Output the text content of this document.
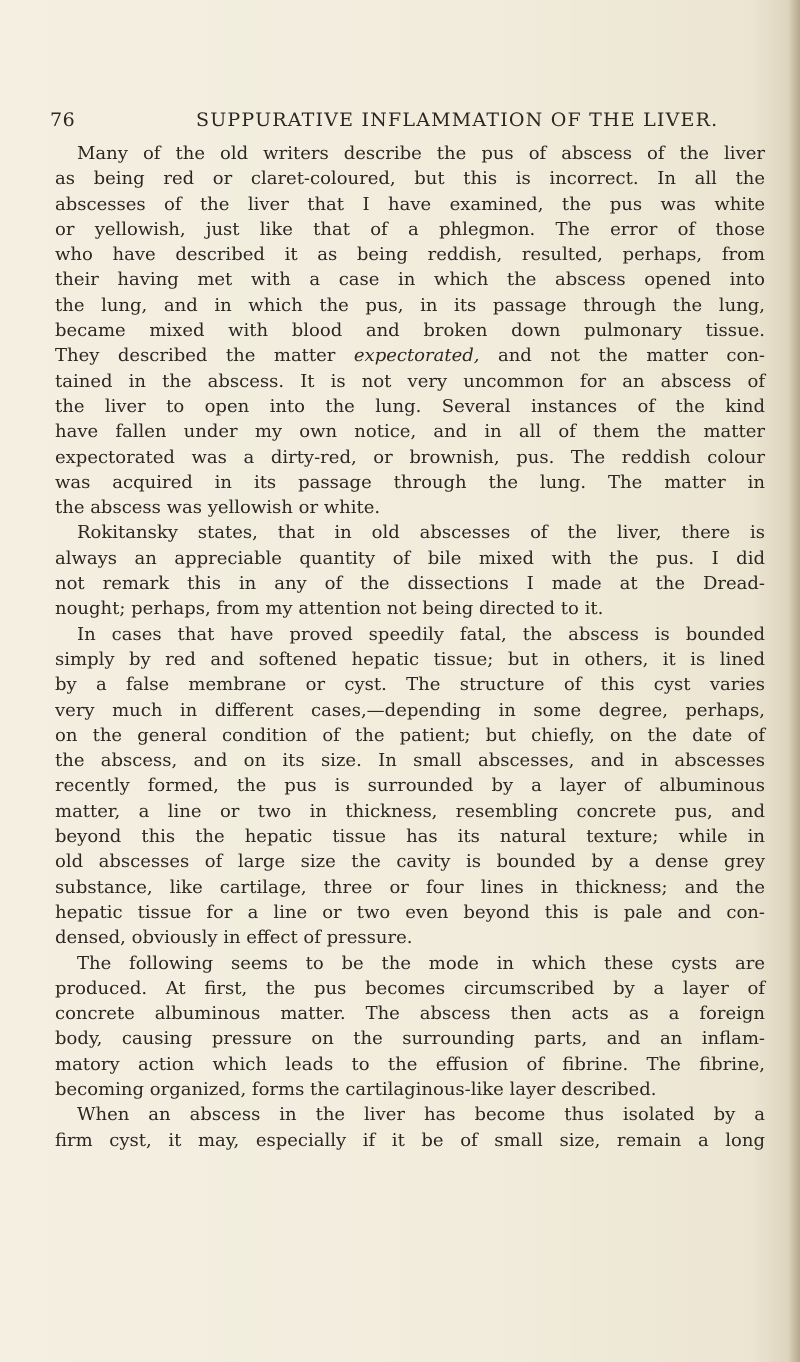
76	SUPPURATIVE INFLAMMATION OF THE LIVER.
Many of the old writers describe the pus of abscess of the liver
as being red or claret-coloured, but this is incorrect. In all the
abscesses of the liver that I have examined, the pus was white
or yellowish, just like that of a phlegmon. The error of those
who have described it as being reddish, resulted, perhaps, from
their having met with a case in which the abscess opened into
the lung, and in which the pus, in its passage through the lung,
became mixed with blood and broken down pulmonary tissue.
They described the matter expectorated, and not the matter con-
tained in the abscess. It is not very uncommon for an abscess of
the liver to open into the lung. Several instances of the kind
have fallen under my own notice, and in all of them the matter
expectorated was a dirty-red, or brownish, pus. The reddish colour
was acquired in its passage through the lung. The matter in
the abscess was yellowish or white.
Rokitansky states, that in old abscesses of the liver, there is
always an appreciable quantity of bile mixed with the pus. I did
not remark this in any of the dissections I made at the Dread-
nought; perhaps, from my attention not being directed to it.
In cases that have proved speedily fatal, the abscess is bounded
simply by red and softened hepatic tissue; but in others, it is lined
by a false membrane or cyst. The structure of this cyst varies
very much in different cases,—depending in some degree, perhaps,
on the general condition of the patient; but chiefly, on the date of
the abscess, and on its size. In small abscesses, and in abscesses
recently formed, the pus is surrounded by a layer of albuminous
matter, a line or two in thickness, resembling concrete pus, and
beyond this the hepatic tissue has its natural texture; while in
old abscesses of large size the cavity is bounded by a dense grey
substance, like cartilage, three or four lines in thickness; and the
hepatic tissue for a line or two even beyond this is pale and con-
densed, obviously in effect of pressure.
The following seems to be the mode in which these cysts are
produced. At first, the pus becomes circumscribed by a layer of
concrete albuminous matter. The abscess then acts as a foreign
body, causing pressure on the surrounding parts, and an inflam-
matory action which leads to the effusion of fibrine. The fibrine,
becoming organized, forms the cartilaginous-like layer described.
When an abscess in the liver has become thus isolated by a
firm cyst, it may, especially if it be of small size, remain a long
